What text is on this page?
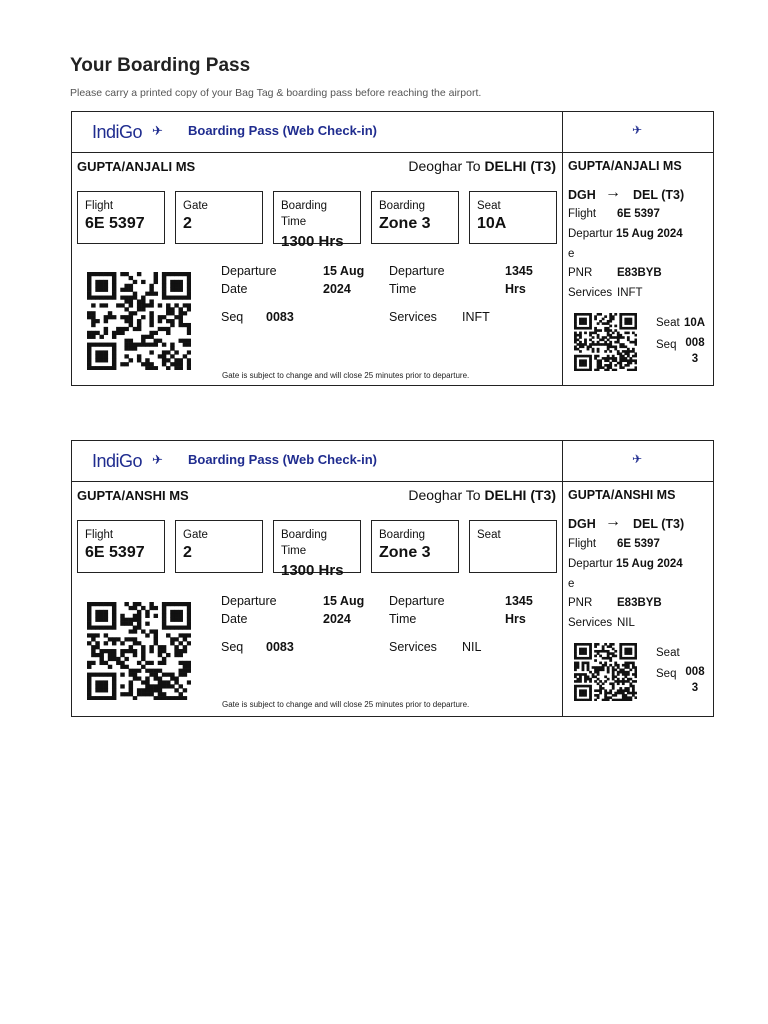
Your Boarding Pass
Please carry a printed copy of your Bag Tag & boarding pass before reaching the airport.
IndiGo ✈ Boarding Pass (Web Check-in)
GUPTA/ANJALI MS	Deoghar To DELHI (T3)
Flight
6E 5397
Gate
2
Boarding Time
1300 Hrs
Boarding
Zone 3
Seat
10A
Departure Date
15 Aug 2024
Departure Time
1345 Hrs
Seq 0083	Services INFT
Gate is subject to change and will close 25 minutes prior to departure.
✈
GUPTA/ANJALI MS
DGH → DEL (T3)
Flight 6E 5397
Departure
15 Aug 2024
PNR E83BYB
Services INFT
Seat 10A
Seq 0083
IndiGo ✈ Boarding Pass (Web Check-in)
GUPTA/ANSHI MS	Deoghar To DELHI (T3)
Flight
6E 5397
Gate
2
Boarding Time
1300 Hrs
Boarding
Zone 3
Seat
Departure Date
15 Aug 2024
Departure Time
1345 Hrs
Seq 0083	Services NIL
Gate is subject to change and will close 25 minutes prior to departure.
✈
GUPTA/ANSHI MS
DGH → DEL (T3)
Flight 6E 5397
Departure
15 Aug 2024
PNR E83BYB
Services NIL
Seat
Seq 0083
